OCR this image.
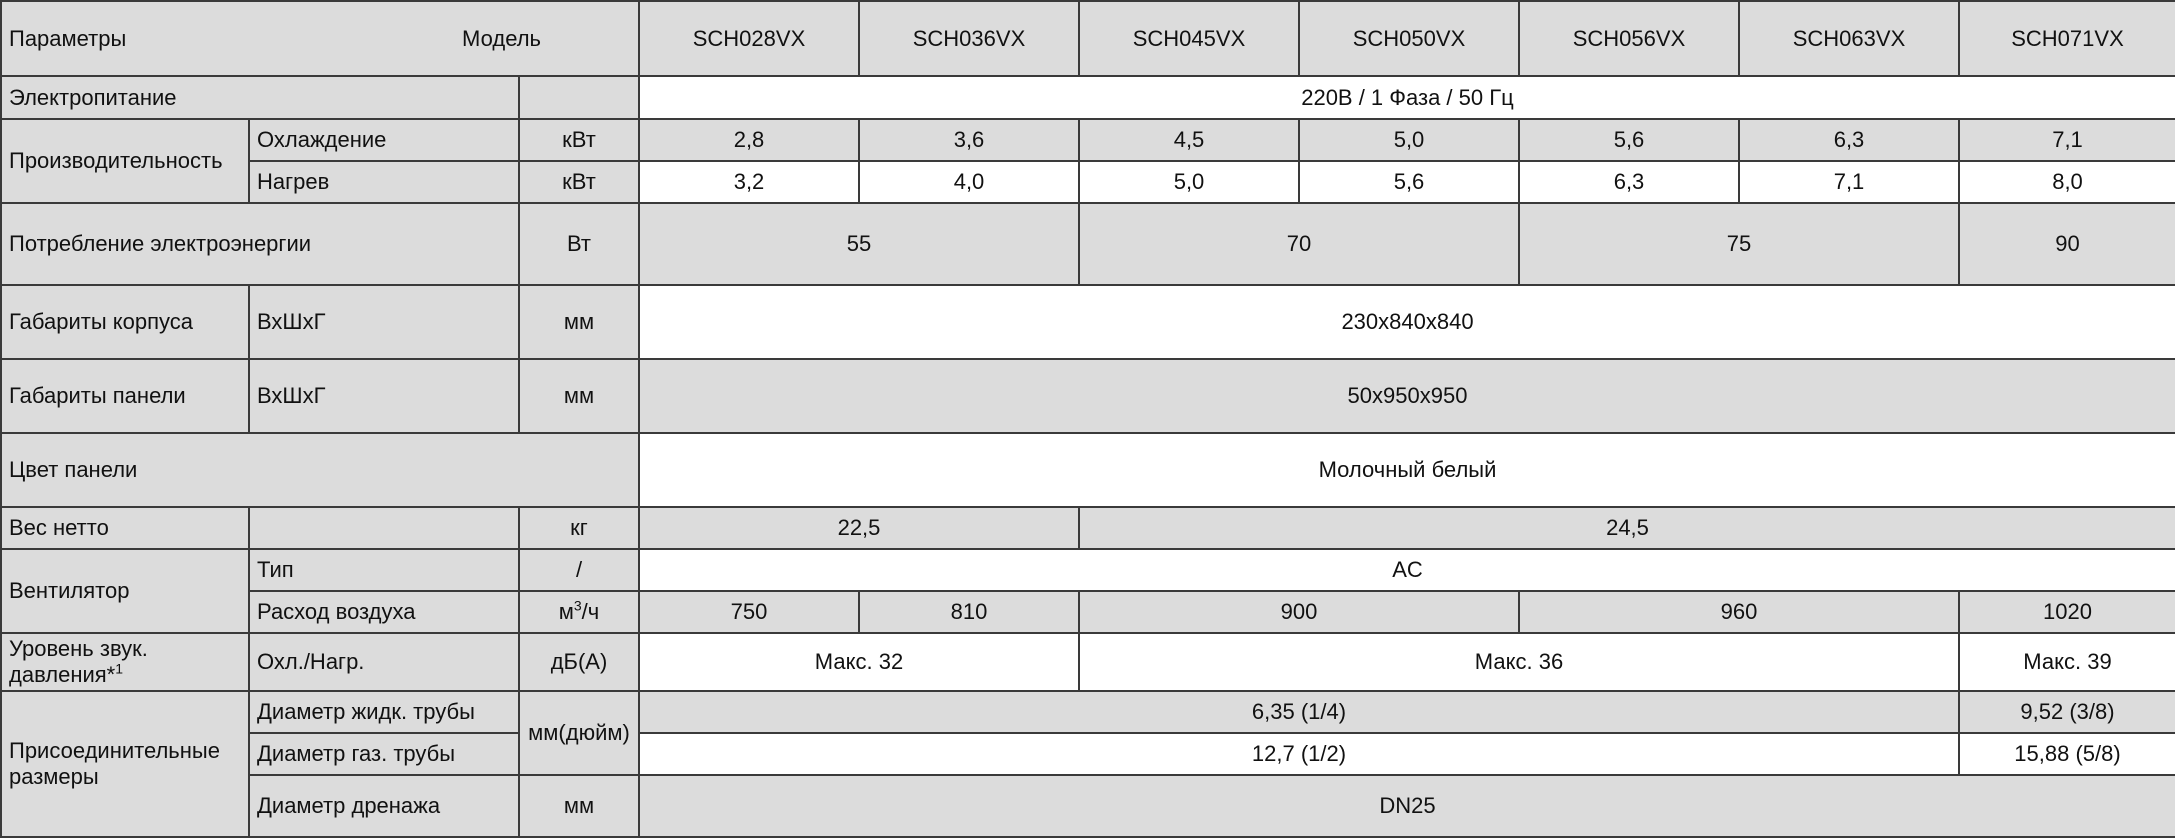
Параметры Модель			SCH028VX	SCH036VX	SCH045VX	SCH050VX	SCH056VX	SCH063VX	SCH071VX
Электропитание			220В / 1 Фаза / 50 Гц						
Производительность	Охлаждение	кВт	2,8	3,6	4,5	5,0	5,6	6,3	7,1
	Нагрев	кВт	3,2	4,0	5,0	5,6	6,3	7,1	8,0
Потребление электроэнергии		Вт	55		70		75		90
Габариты корпуса	ВхШхГ	мм	230x840x840						
Габариты панели	ВхШхГ	мм	50x950x950						
Цвет панели			Молочный белый						
Вес нетто		кг	22,5		24,5				
Вентилятор	Тип	/	AC						
	Расход воздуха	$м^3/ч$	750	810	900		960		1020
Уровень звук.
давления*$^1$	Охл./Нагр.	дБ(А)	Макс. 32		Макс. 36				Макс. 39
Присоединительные размеры	Диаметр жидк. трубы	мм(дюйм)	6,35 (1/4)						9,52 (3/8)
	Диаметр газ. трубы		12,7 (1/2)						15,88 (5/8)
	Диаметр дренажа	мм	DN25						
